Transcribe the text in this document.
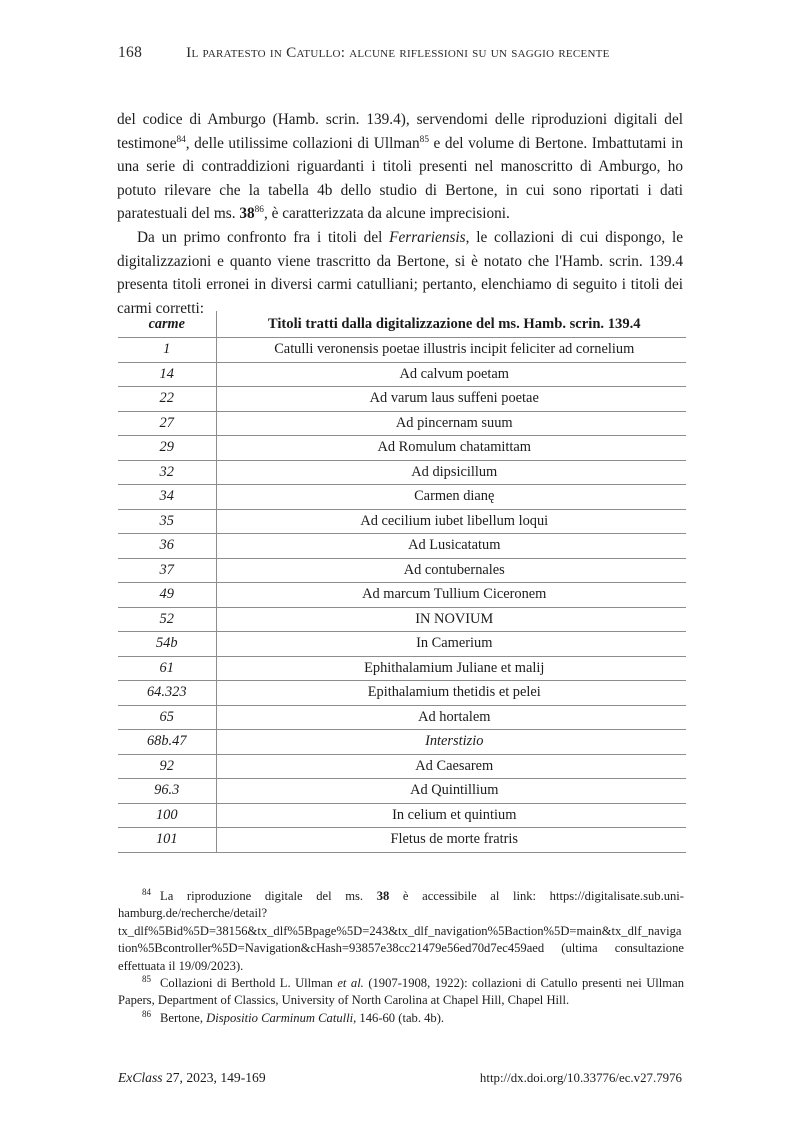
168	Il paratesto in Catullo: alcune riflessioni su un saggio recente

del codice di Amburgo (Hamb. scrin. 139.4), servendomi delle riproduzioni digitali del testimone$^{84}$, delle utilissime collazioni di Ullman$^{85}$ e del volume di Bertone. Imbattutami in una serie di contraddizioni riguardanti i titoli presenti nel manoscritto di Amburgo, ho potuto rilevare che la tabella 4b dello studio di Bertone, in cui sono riportati i dati paratestuali del ms. 38$^{86}$, è caratterizzata da alcune imprecisioni.

Da un primo confronto fra i titoli del Ferrariensis, le collazioni di cui dispongo, le digitalizzazioni e quanto viene trascritto da Bertone, si è notato che l'Hamb. scrin. 139.4 presenta titoli erronei in diversi carmi catulliani; pertanto, elenchiamo di seguito i titoli dei carmi corretti:

carme	Titoli tratti dalla digitalizzazione del ms. Hamb. scrin. 139.4
1	Catulli veronensis poetae illustris incipit feliciter ad cornelium
14	Ad calvum poetam
22	Ad varum laus suffeni poetae
27	Ad pincernam suum
29	Ad Romulum chatamittam
32	Ad dipsicillum
34	Carmen dianę
35	Ad cecilium iubet libellum loqui
36	Ad Lusicatatum
37	Ad contubernales
49	Ad marcum Tullium Ciceronem
52	IN NOVIUM
54b	In Camerium
61	Ephithalamium Juliane et malij
64.323	Epithalamium thetidis et pelei
65	Ad hortalem
68b.47	Interstizio
92	Ad Caesarem
96.3	Ad Quintillium
100	In celium et quintium
101	Fletus de morte fratris

$^{84}$ La riproduzione digitale del ms. 38 è accessibile al link: https://digitalisate.sub.uni-hamburg.de/recherche/detail?tx_dlf%5Bid%5D=38156&tx_dlf%5Bpage%5D=243&tx_dlf_navigation%5Baction%5D=main&tx_dlf_navigation%5Bcontroller%5D=Navigation&cHash=93857e38cc21479e56ed70d7ec459aed (ultima consultazione effettuata il 19/09/2023).

$^{85}$ Collazioni di Berthold L. Ullman et al. (1907-1908, 1922): collazioni di Catullo presenti nei Ullman Papers, Department of Classics, University of North Carolina at Chapel Hill, Chapel Hill.

$^{86}$ Bertone, Dispositio Carminum Catulli, 146-60 (tab. 4b).

ExClass 27, 2023, 149-169	http://dx.doi.org/10.33776/ec.v27.7976
